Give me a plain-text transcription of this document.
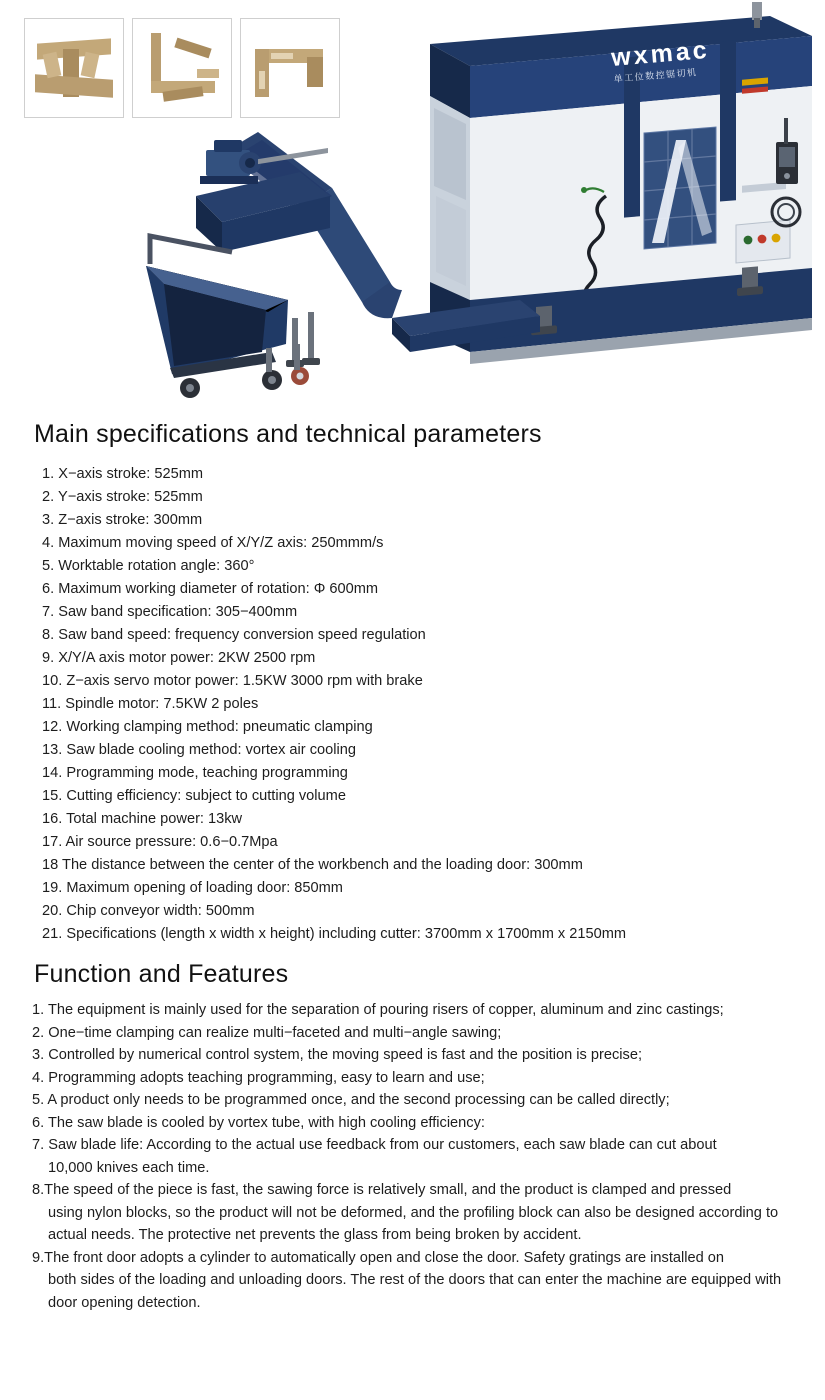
wxmac
单工位数控锯切机
Main specifications and technical parameters
1. X−axis stroke: 525mm
2. Y−axis stroke: 525mm
3. Z−axis stroke: 300mm
4. Maximum moving speed of X/Y/Z axis: 250mmm/s
5. Worktable rotation angle: 360°
6. Maximum working diameter of rotation: Φ 600mm
7. Saw band specification: 305−400mm
8. Saw band speed: frequency conversion speed regulation
9. X/Y/A axis motor power: 2KW 2500 rpm
10. Z−axis servo motor power: 1.5KW 3000 rpm with brake
11. Spindle motor: 7.5KW 2 poles
12. Working clamping method: pneumatic clamping
13. Saw blade cooling method: vortex air cooling
14. Programming mode, teaching programming
15. Cutting efficiency: subject to cutting volume
16. Total machine power: 13kw
17. Air source pressure: 0.6−0.7Mpa
18 The distance between the center of the workbench and the loading door: 300mm
19. Maximum opening of loading door: 850mm
20. Chip conveyor width: 500mm
21. Specifications (length x width x height) including cutter: 3700mm x 1700mm x 2150mm
Function and Features
1. The equipment is mainly used for the separation of pouring risers of copper, aluminum and zinc castings;
2. One−time clamping can realize multi−faceted and multi−angle sawing;
3. Controlled by numerical control system, the moving speed is fast and the position is precise;
4. Programming adopts teaching programming, easy to learn and use;
5. A product only needs to be programmed once, and the second processing can be called directly;
6. The saw blade is cooled by vortex tube, with high cooling efficiency:
7. Saw blade life: According to the actual use feedback from our customers, each saw blade can cut about
10,000 knives each time.
8.The speed of the piece is fast, the sawing force is relatively small, and the product is clamped and pressed
using nylon blocks, so the product will not be deformed, and the profiling block can also be designed according to actual needs. The protective net prevents the glass from being broken by accident.
9.The front door adopts a cylinder to automatically open and close the door. Safety gratings are installed on
both sides of the loading and unloading doors. The rest of the doors that can enter the machine are equipped with door opening detection.
